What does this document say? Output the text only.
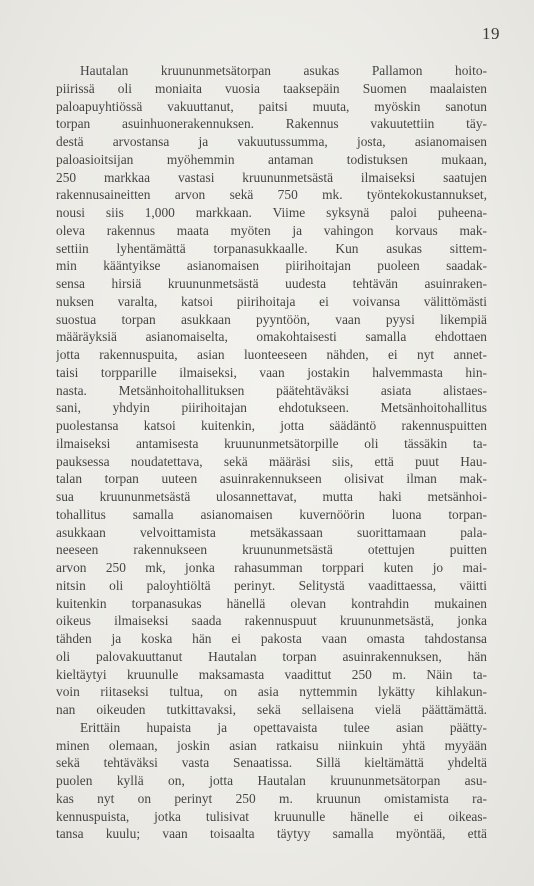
19
Hautalan kruununmetsätorpan asukas Pallamon hoito-
piirissä oli moniaita vuosia taaksepäin Suomen maalaisten
paloapuyhtiössä vakuuttanut, paitsi muuta, myöskin sanotun
torpan asuinhuonerakennuksen. Rakennus vakuutettiin täy-
destä arvostansa ja vakuutussumma, josta, asianomaisen
paloasioitsijan myöhemmin antaman todistuksen mukaan,
250 markkaa vastasi kruununmetsästä ilmaiseksi saatujen
rakennusaineitten arvon sekä 750 mk. työntekokustannukset,
nousi siis 1,000 markkaan. Viime syksynä paloi puheena-
oleva rakennus maata myöten ja vahingon korvaus mak-
settiin lyhentämättä torpanasukkaalle. Kun asukas sittem-
min kääntyikse asianomaisen piirihoitajan puoleen saadak-
sensa hirsiä kruununmetsästä uudesta tehtävän asuinraken-
nuksen varalta, katsoi piirihoitaja ei voivansa välittömästi
suostua torpan asukkaan pyyntöön, vaan pyysi likempiä
määräyksiä asianomaiselta, omakohtaisesti samalla ehdottaen
jotta rakennuspuita, asian luonteeseen nähden, ei nyt annet-
taisi torpparille ilmaiseksi, vaan jostakin halvemmasta hin-
nasta. Metsänhoitohallituksen päätehtäväksi asiata alistaes-
sani, yhdyin piirihoitajan ehdotukseen. Metsänhoitohallitus
puolestansa katsoi kuitenkin, jotta säädäntö rakennuspuitten
ilmaiseksi antamisesta kruununmetsätorpille oli tässäkin ta-
pauksessa noudatettava, sekä määräsi siis, että puut Hau-
talan torpan uuteen asuinrakennukseen olisivat ilman mak-
sua kruununmetsästä ulosannettavat, mutta haki metsänhoi-
tohallitus samalla asianomaisen kuvernöörin luona torpan-
asukkaan velvoittamista metsäkassaan suorittamaan pala-
neeseen rakennukseen kruununmetsästä otettujen puitten
arvon 250 mk, jonka rahasumman torppari kuten jo mai-
nitsin oli paloyhtiöltä perinyt. Selitystä vaadittaessa, väitti
kuitenkin torpanasukas hänellä olevan kontrahdin mukainen
oikeus ilmaiseksi saada rakennuspuut kruununmetsästä, jonka
tähden ja koska hän ei pakosta vaan omasta tahdostansa
oli palovakuuttanut Hautalan torpan asuinrakennuksen, hän
kieltäytyi kruunulle maksamasta vaadittut 250 m. Näin ta-
voin riitaseksi tultua, on asia nyttemmin lykätty kihlakun-
nan oikeuden tutkittavaksi, sekä sellaisena vielä päättämättä.
Erittäin hupaista ja opettavaista tulee asian päätty-
minen olemaan, joskin asian ratkaisu niinkuin yhtä myyään
sekä tehtäväksi vasta Senaatissa. Sillä kieltämättä yhdeltä
puolen kyllä on, jotta Hautalan kruununmetsätorpan asu-
kas nyt on perinyt 250 m. kruunun omistamista ra-
kennuspuista, jotka tulisivat kruunulle hänelle ei oikeas-
tansa kuulu; vaan toisaalta täytyy samalla myöntää, että
